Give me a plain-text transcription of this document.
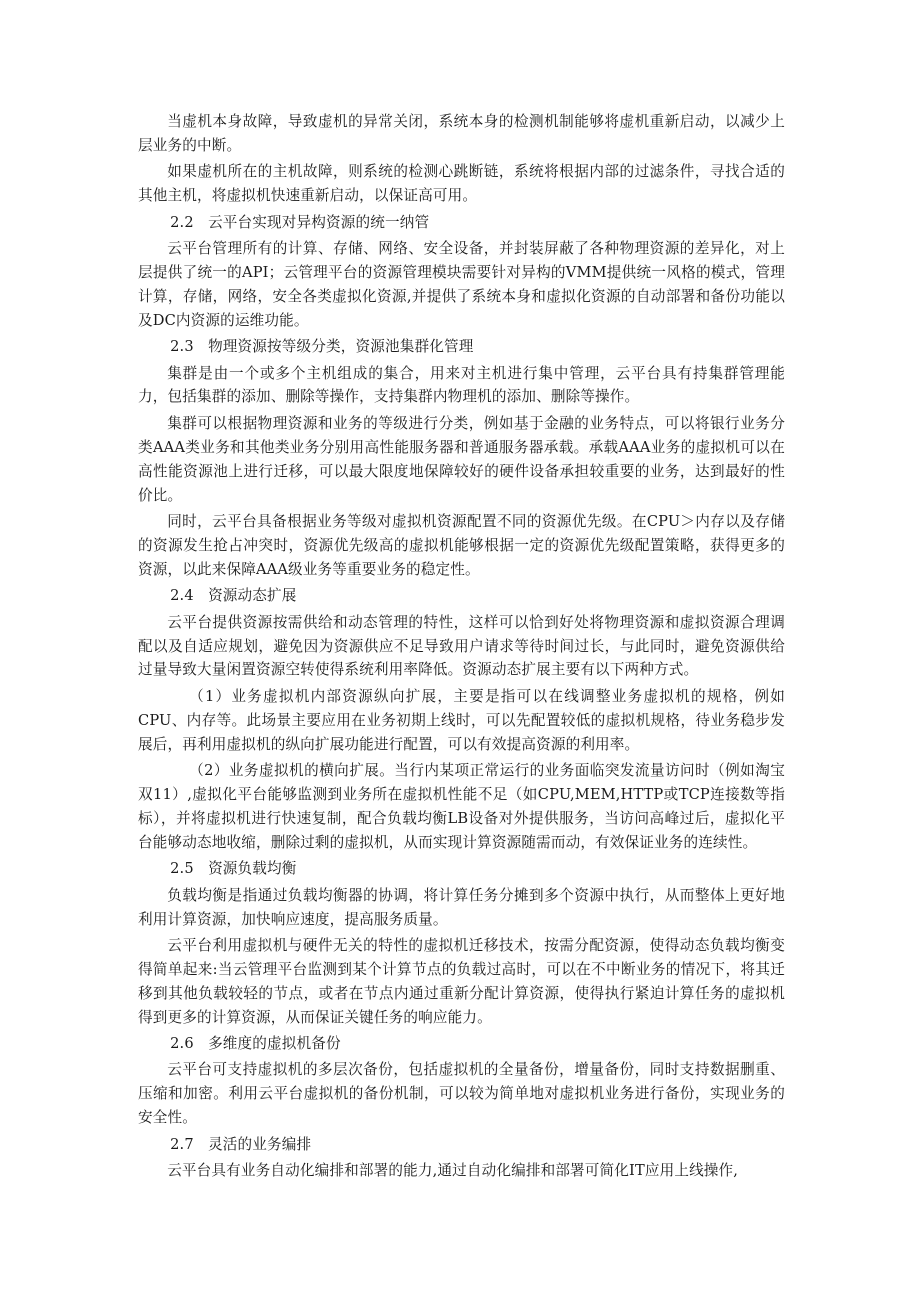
当虚机本身故障，导致虚机的异常关闭，系统本身的检测机制能够将虚机重新启动，以减少上层业务的中断。

如果虚机所在的主机故障，则系统的检测心跳断链，系统将根据内部的过滤条件，寻找合适的其他主机，将虚拟机快速重新启动，以保证高可用。

2.2 云平台实现对异构资源的统一纳管

云平台管理所有的计算、存储、网络、安全设备，并封装屏蔽了各种物理资源的差异化，对上层提供了统一的API；云管理平台的资源管理模块需要针对异构的VMM提供统一风格的模式，管理计算，存储，网络，安全各类虚拟化资源,并提供了系统本身和虚拟化资源的自动部署和备份功能以及DC内资源的运维功能。

2.3 物理资源按等级分类，资源池集群化管理

集群是由一个或多个主机组成的集合，用来对主机进行集中管理，云平台具有持集群管理能力，包括集群的添加、删除等操作，支持集群内物理机的添加、删除等操作。

集群可以根据物理资源和业务的等级进行分类，例如基于金融的业务特点，可以将银行业务分类AAA类业务和其他类业务分别用高性能服务器和普通服务器承载。承载AAA业务的虚拟机可以在高性能资源池上进行迁移，可以最大限度地保障较好的硬件设备承担较重要的业务，达到最好的性价比。

同时，云平台具备根据业务等级对虚拟机资源配置不同的资源优先级。在CPU＞内存以及存储的资源发生抢占冲突时，资源优先级高的虚拟机能够根据一定的资源优先级配置策略，获得更多的资源，以此来保障AAA级业务等重要业务的稳定性。

2.4 资源动态扩展

云平台提供资源按需供给和动态管理的特性，这样可以恰到好处将物理资源和虚拟资源合理调配以及自适应规划，避免因为资源供应不足导致用户请求等待时间过长，与此同时，避免资源供给过量导致大量闲置资源空转使得系统利用率降低。资源动态扩展主要有以下两种方式。

（1）业务虚拟机内部资源纵向扩展，主要是指可以在线调整业务虚拟机的规格，例如CPU、内存等。此场景主要应用在业务初期上线时，可以先配置较低的虚拟机规格，待业务稳步发展后，再利用虚拟机的纵向扩展功能进行配置，可以有效提高资源的利用率。

（2）业务虚拟机的横向扩展。当行内某项正常运行的业务面临突发流量访问时（例如淘宝双11）,虚拟化平台能够监测到业务所在虚拟机性能不足（如CPU,MEM,HTTP或TCP连接数等指标），并将虚拟机进行快速复制，配合负载均衡LB设备对外提供服务，当访问高峰过后，虚拟化平台能够动态地收缩，删除过剩的虚拟机，从而实现计算资源随需而动，有效保证业务的连续性。

2.5 资源负载均衡

负载均衡是指通过负载均衡器的协调，将计算任务分摊到多个资源中执行，从而整体上更好地利用计算资源，加快响应速度，提高服务质量。

云平台利用虚拟机与硬件无关的特性的虚拟机迁移技术，按需分配资源，使得动态负载均衡变得简单起来:当云管理平台监测到某个计算节点的负载过高时，可以在不中断业务的情况下，将其迁移到其他负载较轻的节点，或者在节点内通过重新分配计算资源，使得执行紧迫计算任务的虚拟机得到更多的计算资源，从而保证关键任务的响应能力。

2.6 多维度的虚拟机备份

云平台可支持虚拟机的多层次备份，包括虚拟机的全量备份，增量备份，同时支持数据删重、压缩和加密。利用云平台虚拟机的备份机制，可以较为简单地对虚拟机业务进行备份，实现业务的安全性。

2.7 灵活的业务编排

云平台具有业务自动化编排和部署的能力,通过自动化编排和部署可简化IT应用上线操作,
